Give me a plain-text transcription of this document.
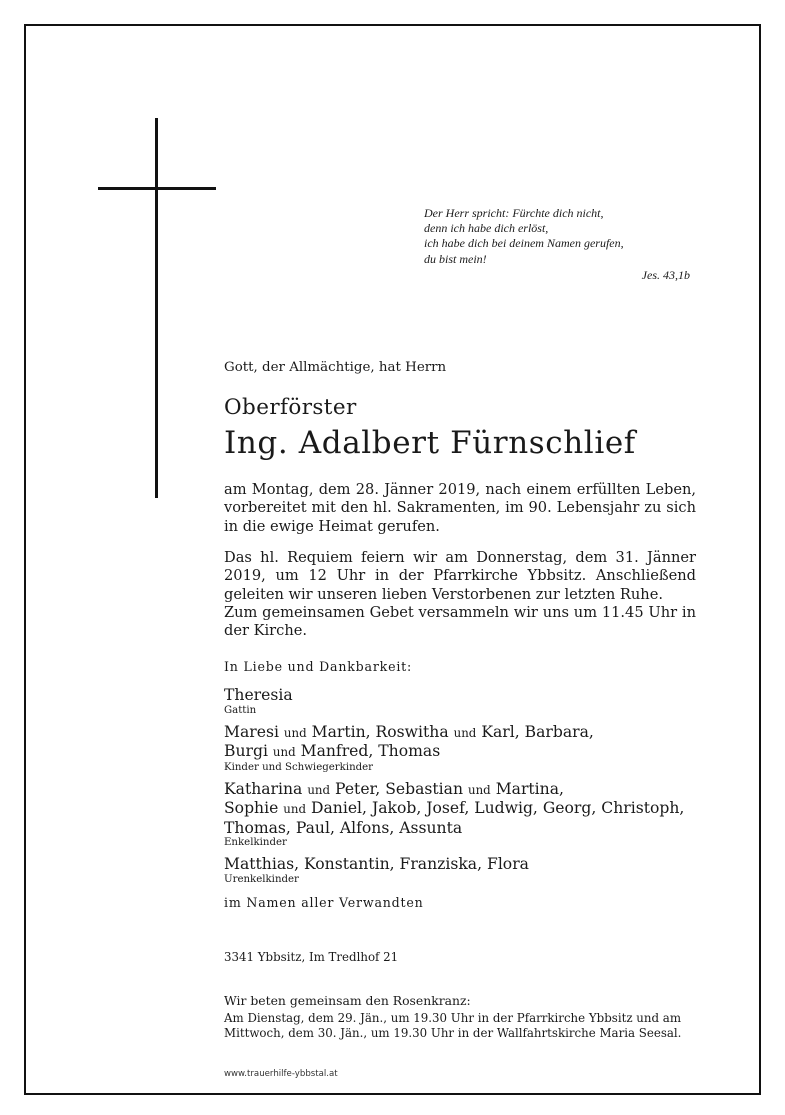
Der Herr spricht: Fürchte dich nicht,
denn ich habe dich erlöst,
ich habe dich bei deinem Namen gerufen,
du bist mein!
Jes. 43,1b
Gott, der Allmächtige, hat Herrn
Oberförster
Ing. Adalbert Fürnschlief
am Montag, dem 28. Jänner 2019, nach einem erfüllten Leben, vorbereitet mit den hl. Sakramenten, im 90. Lebensjahr zu sich in die ewige Heimat gerufen.
Das hl. Requiem feiern wir am Donnerstag, dem 31. Jänner 2019, um 12 Uhr in der Pfarrkirche Ybbsitz. Anschließend geleiten wir unseren lieben Verstorbenen zur letzten Ruhe.
Zum gemeinsamen Gebet versammeln wir uns um 11.45 Uhr in der Kirche.
In Liebe und Dankbarkeit:
Theresia
Gattin
Maresi und Martin, Roswitha und Karl, Barbara,
Burgi und Manfred, Thomas
Kinder und Schwiegerkinder
Katharina und Peter, Sebastian und Martina,
Sophie und Daniel, Jakob, Josef, Ludwig, Georg, Christoph,
Thomas, Paul, Alfons, Assunta
Enkelkinder
Matthias, Konstantin, Franziska, Flora
Urenkelkinder
im Namen aller Verwandten
3341 Ybbsitz, Im Tredlhof 21
Wir beten gemeinsam den Rosenkranz:
Am Dienstag, dem 29. Jän., um 19.30 Uhr in der Pfarrkirche Ybbsitz und am
Mittwoch, dem 30. Jän., um 19.30 Uhr in der Wallfahrtskirche Maria Seesal.
www.trauerhilfe-ybbstal.at
